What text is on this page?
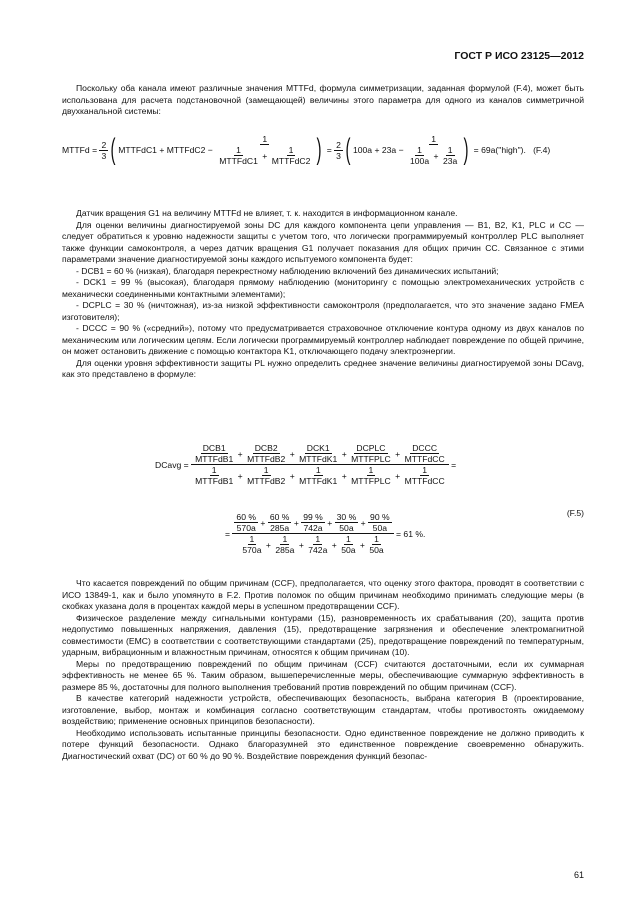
ГОСТ Р ИСО 23125—2012

Поскольку оба канала имеют различные значения MTTFd, формула симметризации, заданная формулой (F.4), может быть использована для расчета подстановочной (замещающей) величины этого параметра для одного из каналов симметричной двухканальной системы:

MTTFd =
$\frac{2}{3}$ ( MTTFdC1 + MTTFdC2 −
1
$\frac{1}{\text{MTTFdC1}}$
+
$\frac{1}{\text{MTTFdC2}}$ )
=
$\frac{2}{3}$ ( 100a + 23a −
1
$\frac{1}{100a}$
+
$\frac{1}{23a}$ )
= 69a("high").
(F.4)

Датчик вращения G1 на величину MTTFd не влияет, т. к. находится в информационном канале.

Для оценки величины диагностируемой зоны DC для каждого компонента цепи управления — B1, B2, K1, PLC и CC — следует обратиться к уровню надежности защиты с учетом того, что логически программируемый контроллер PLC выполняет также функции самоконтроля, а через датчик вращения G1 получает показания для общих причин CC. Связанное с этими параметрами значение диагностируемой зоны каждого испытуемого компонента будет:

- DCB1 = 60 % (низкая), благодаря перекрестному наблюдению включений без динамических испытаний;

- DCK1 = 99 % (высокая), благодаря прямому наблюдению (мониторингу с помощью электромеханических устройств с механически соединенными контактными элементами);

- DCPLC = 30 % (ничтожная), из-за низкой эффективности самоконтроля (предполагается, что это значение задано FMEA изготовителя);

- DCCC = 90 % («средний»), потому что предусматривается страховочное отключение контура одному из двух каналов по механическим или логическим цепям. Если логически программируемый контроллер наблюдает повреждение по общей причине, он может остановить движение с помощью контактора K1, отключающего подачу электроэнергии.

Для оценки уровня эффективности защиты PL нужно определить среднее значение величины диагностируемой зоны DCavg, как это представлено в формуле:

DCavg =

$\frac{\text{DCB1}}{\text{MTTFdB1}}$
+
$\frac{\text{DCB2}}{\text{MTTFdB2}}$
+
$\frac{\text{DCK1}}{\text{MTTFdK1}}$
+
$\frac{\text{DCPLC}}{\text{MTTFPLC}}$
+
$\frac{\text{DCCC}}{\text{MTTFdCC}}$
$\frac{1}{\text{MTTFdB1}}$
+
$\frac{1}{\text{MTTFdB2}}$
+
$\frac{1}{\text{MTTFdK1}}$
+
$\frac{1}{\text{MTTFPLC}}$
+
$\frac{1}{\text{MTTFdCC}}$

=
(F.5)
=

$\frac{60 \%}{570a}$
+
$\frac{60 \%}{285a}$
+
$\frac{99 \%}{742a}$
+
$\frac{30 \%}{50a}$
+
$\frac{90 \%}{50a}$
$\frac{1}{570a}$
+
$\frac{1}{285a}$
+
$\frac{1}{742a}$
+
$\frac{1}{50a}$
+
$\frac{1}{50a}$

= 61 %.

Что касается повреждений по общим причинам (CCF), предполагается, что оценку этого фактора, проводят в соответствии с ИСО 13849-1, как и было упомянуто в F.2. Против поломок по общим причинам необходимо принимать следующие меры (в скобках указана доля в процентах каждой меры в успешном предотвращении CCF).

Физическое разделение между сигнальными контурами (15), разновременность их срабатывания (20), защита против недопустимо повышенных напряжения, давления (15), предотвращение загрязнения и обеспечение электромагнитной совместимости (ЕМС) в соответствии с соответствующими стандартами (25), предотвращение повреждений по температурным, ударным, вибрационным и влажностным причинам, относятся к общим причинам (10).

Меры по предотвращению повреждений по общим причинам (CCF) считаются достаточными, если их суммарная эффективность не менее 65 %. Таким образом, вышеперечисленные меры, обеспечивающие суммарную эффективность в размере 85 %, достаточны для полного выполнения требований против повреждений по общим причинам (CCF).

В качестве категорий надежности устройств, обеспечивающих безопасность, выбрана категория В (проектирование, изготовление, выбор, монтаж и комбинация согласно соответствующим стандартам, чтобы противостоять ожидаемому воздействию; применение основных принципов безопасности).

Необходимо использовать испытанные принципы безопасности. Одно единственное повреждение не должно приводить к потере функций безопасности. Однако благоразумней это единственное повреждение своевременно обнаружить. Диагностический охват (DC) от 60 % до 90 %. Воздействие повреждения функций безопас-

61
